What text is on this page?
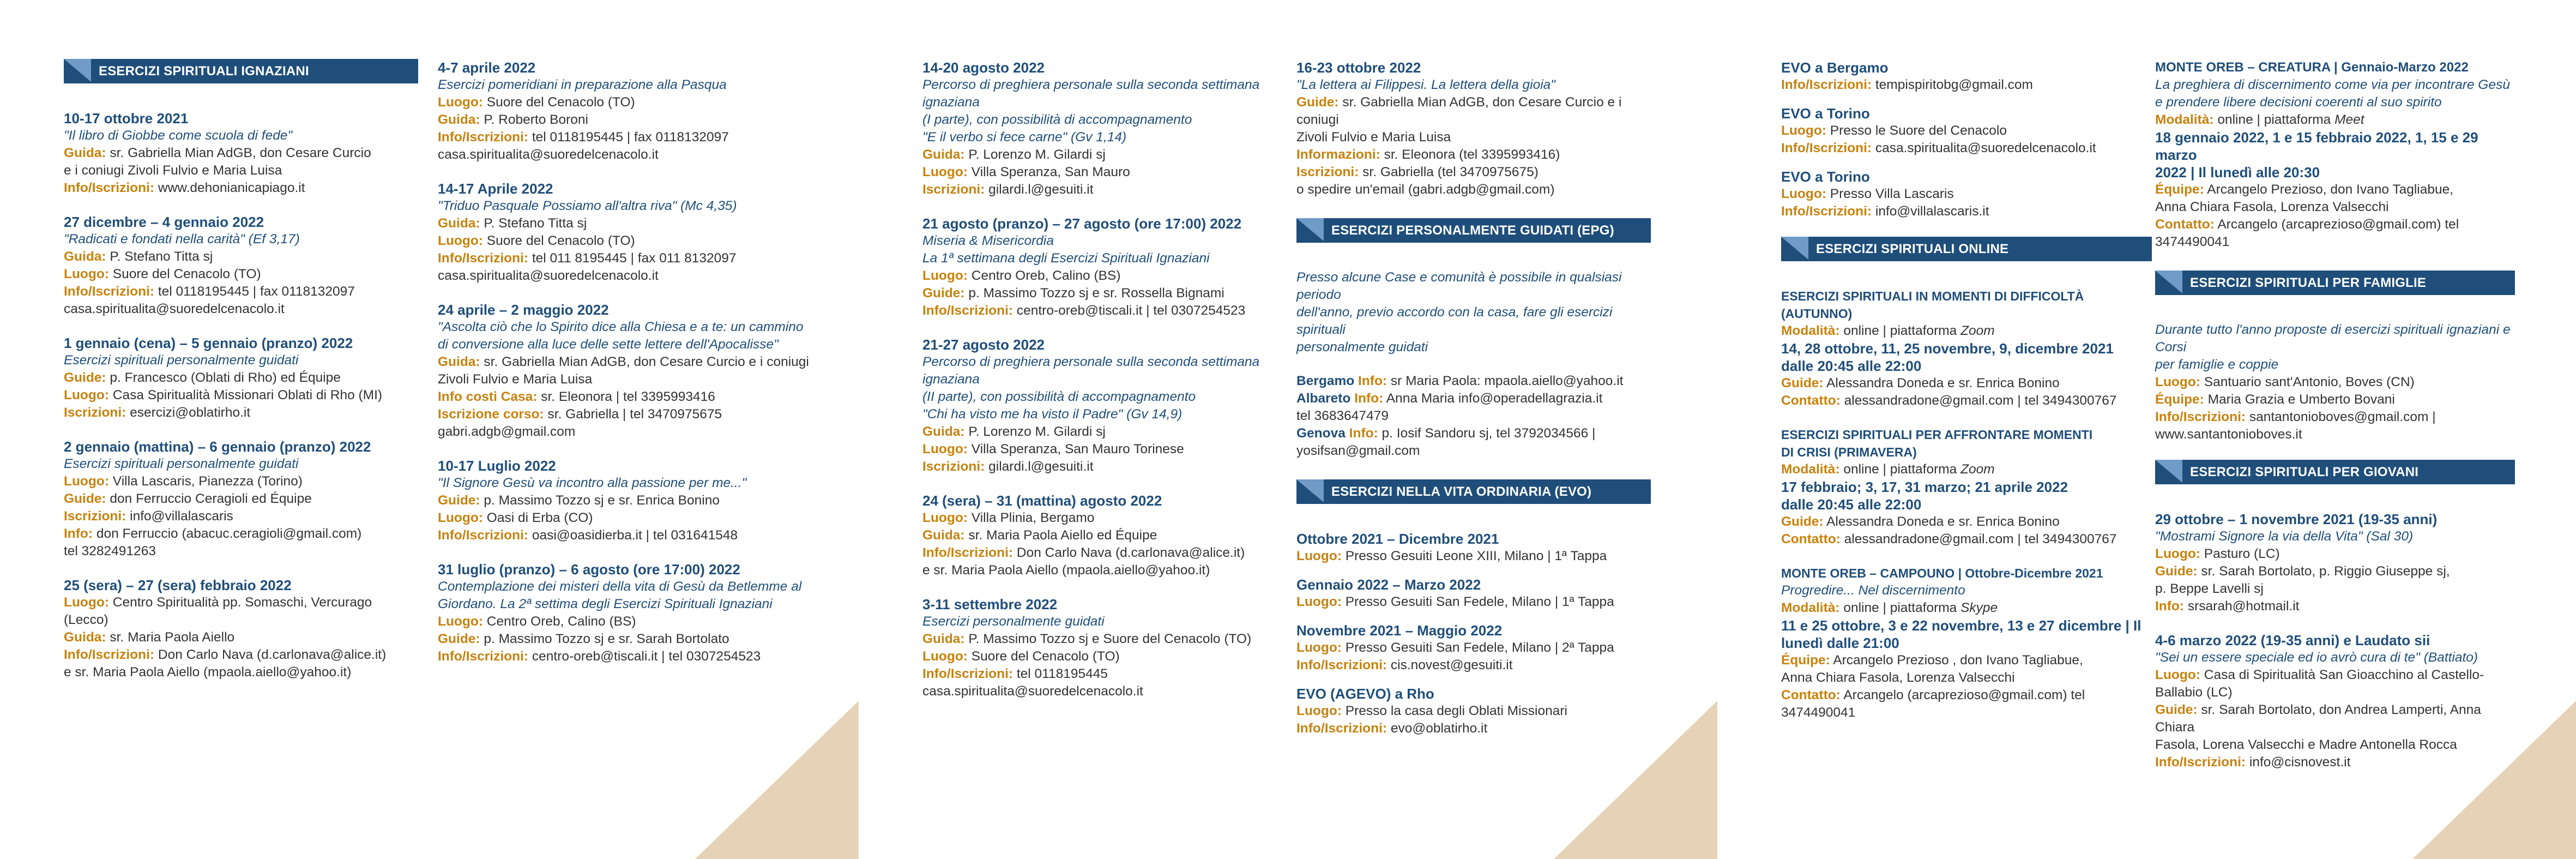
ESERCIZI SPIRITUALI IGNAZIANI
10-17 ottobre 2021
"Il libro di Giobbe come scuola di fede"
Guida: sr. Gabriella Mian AdGB, don Cesare Curcio
e i coniugi Zivoli Fulvio e Maria Luisa
Info/Iscrizioni: www.dehonianicapiago.it
27 dicembre – 4 gennaio 2022
"Radicati e fondati nella carità" (Ef 3,17)
Guida: P. Stefano Titta sj
Luogo: Suore del Cenacolo (TO)
Info/Iscrizioni: tel 0118195445 | fax 0118132097
casa.spiritualita@suoredelcenacolo.it
1 gennaio (cena) – 5 gennaio (pranzo) 2022
Esercizi spirituali personalmente guidati
Guide: p. Francesco (Oblati di Rho) ed Équipe
Luogo: Casa Spiritualità Missionari Oblati di Rho (MI)
Iscrizioni: esercizi@oblatirho.it
2 gennaio (mattina) – 6 gennaio (pranzo) 2022
Esercizi spirituali personalmente guidati
Luogo: Villa Lascaris, Pianezza (Torino)
Guide: don Ferruccio Ceragioli ed Équipe
Iscrizioni: info@villalascaris
Info: don Ferruccio (abacuc.ceragioli@gmail.com)
tel 3282491263
25 (sera) – 27 (sera) febbraio 2022
Luogo: Centro Spiritualità pp. Somaschi, Vercurago (Lecco)
Guida: sr. Maria Paola Aiello
Info/Iscrizioni: Don Carlo Nava (d.carlonava@alice.it)
e sr. Maria Paola Aiello (mpaola.aiello@yahoo.it)
4-7 aprile 2022
Esercizi pomeridiani in preparazione alla Pasqua
Luogo: Suore del Cenacolo (TO)
Guida: P. Roberto Boroni
Info/Iscrizioni: tel 0118195445 | fax 0118132097
casa.spiritualita@suoredelcenacolo.it
14-17 Aprile 2022
"Triduo Pasquale Possiamo all'altra riva" (Mc 4,35)
Guida: P. Stefano Titta sj
Luogo: Suore del Cenacolo (TO)
Info/Iscrizioni: tel 011 8195445 | fax 011 8132097
casa.spiritualita@suoredelcenacolo.it
24 aprile – 2 maggio 2022
"Ascolta ciò che lo Spirito dice alla Chiesa e a te: un cammino
di conversione alla luce delle sette lettere dell'Apocalisse"
Guida: sr. Gabriella Mian AdGB, don Cesare Curcio e i coniugi
Zivoli Fulvio e Maria Luisa
Info costi Casa: sr. Eleonora | tel 3395993416
Iscrizione corso: sr. Gabriella | tel 3470975675
gabri.adgb@gmail.com
10-17 Luglio 2022
"Il Signore Gesù va incontro alla passione per me..."
Guide: p. Massimo Tozzo sj e sr. Enrica Bonino
Luogo: Oasi di Erba (CO)
Info/Iscrizioni: oasi@oasidierba.it | tel 031641548
31 luglio (pranzo) – 6 agosto (ore 17:00) 2022
Contemplazione dei misteri della vita di Gesù da Betlemme al
Giordano. La 2ª settima degli Esercizi Spirituali Ignaziani
Luogo: Centro Oreb, Calino (BS)
Guide: p. Massimo Tozzo sj e sr. Sarah Bortolato
Info/Iscrizioni: centro-oreb@tiscali.it | tel 0307254523
14-20 agosto 2022
Percorso di preghiera personale sulla seconda settimana ignaziana
(I parte), con possibilità di accompagnamento
"E il verbo si fece carne" (Gv 1,14)
Guida: P. Lorenzo M. Gilardi sj
Luogo: Villa Speranza, San Mauro
Iscrizioni: gilardi.l@gesuiti.it
21 agosto (pranzo) – 27 agosto (ore 17:00) 2022
Miseria & Misericordia
La 1ª settimana degli Esercizi Spirituali Ignaziani
Luogo: Centro Oreb, Calino (BS)
Guide: p. Massimo Tozzo sj e sr. Rossella Bignami
Info/Iscrizioni: centro-oreb@tiscali.it | tel 0307254523
21-27 agosto 2022
Percorso di preghiera personale sulla seconda settimana ignaziana
(II parte), con possibilità di accompagnamento
"Chi ha visto me ha visto il Padre" (Gv 14,9)
Guida: P. Lorenzo M. Gilardi sj
Luogo: Villa Speranza, San Mauro Torinese
Iscrizioni: gilardi.l@gesuiti.it
24 (sera) – 31 (mattina) agosto 2022
Luogo: Villa Plinia, Bergamo
Guida: sr. Maria Paola Aiello ed Équipe
Info/Iscrizioni: Don Carlo Nava (d.carlonava@alice.it)
e sr. Maria Paola Aiello (mpaola.aiello@yahoo.it)
3-11 settembre 2022
Esercizi personalmente guidati
Guida: P. Massimo Tozzo sj e Suore del Cenacolo (TO)
Luogo: Suore del Cenacolo (TO)
Info/Iscrizioni: tel 0118195445
casa.spiritualita@suoredelcenacolo.it
16-23 ottobre 2022
"La lettera ai Filippesi. La lettera della gioia"
Guide: sr. Gabriella Mian AdGB, don Cesare Curcio e i coniugi
Zivoli Fulvio e Maria Luisa
Informazioni: sr. Eleonora (tel 3395993416)
Iscrizioni: sr. Gabriella (tel 3470975675)
o spedire un'email (gabri.adgb@gmail.com)
ESERCIZI PERSONALMENTE GUIDATI (EPG)
Presso alcune Case e comunità è possibile in qualsiasi periodo
dell'anno, previo accordo con la casa, fare gli esercizi spirituali
personalmente guidati
Bergamo Info: sr Maria Paola: mpaola.aiello@yahoo.it
Albareto Info: Anna Maria info@operadellagrazia.it
tel 3683647479
Genova Info: p. Iosif Sandoru sj, tel 3792034566 |
yosifsan@gmail.com
ESERCIZI NELLA VITA ORDINARIA (EVO)
Ottobre 2021 – Dicembre 2021
Luogo: Presso Gesuiti Leone XIII, Milano | 1ª Tappa
Gennaio 2022 – Marzo 2022
Luogo: Presso Gesuiti San Fedele, Milano | 1ª Tappa
Novembre 2021 – Maggio 2022
Luogo: Presso Gesuiti San Fedele, Milano | 2ª Tappa
Info/Iscrizioni: cis.novest@gesuiti.it
EVO (AGEVO) a Rho
Luogo: Presso la casa degli Oblati Missionari
Info/Iscrizioni: evo@oblatirho.it
EVO a Bergamo
Info/Iscrizioni: tempispiritobg@gmail.com
EVO a Torino
Luogo: Presso le Suore del Cenacolo
Info/Iscrizioni: casa.spiritualita@suoredelcenacolo.it
EVO a Torino
Luogo: Presso Villa Lascaris
Info/Iscrizioni: info@villalascaris.it
ESERCIZI SPIRITUALI ONLINE
ESERCIZI SPIRITUALI IN MOMENTI DI DIFFICOLTÀ
(AUTUNNO)
Modalità: online | piattaforma Zoom
14, 28 ottobre, 11, 25 novembre, 9, dicembre 2021
dalle 20:45 alle 22:00
Guide: Alessandra Doneda e sr. Enrica Bonino
Contatto: alessandradone@gmail.com | tel 3494300767
ESERCIZI SPIRITUALI PER AFFRONTARE MOMENTI
DI CRISI (PRIMAVERA)
Modalità: online | piattaforma Zoom
17 febbraio; 3, 17, 31 marzo; 21 aprile 2022
dalle 20:45 alle 22:00
Guide: Alessandra Doneda e sr. Enrica Bonino
Contatto: alessandradone@gmail.com | tel 3494300767
MONTE OREB – CAMPOUNO | Ottobre-Dicembre 2021
Progredire... Nel discernimento
Modalità: online | piattaforma Skype
11 e 25 ottobre, 3 e 22 novembre, 13 e 27 dicembre | Il
lunedì dalle 21:00
Équipe: Arcangelo Prezioso , don Ivano Tagliabue,
Anna Chiara Fasola, Lorenza Valsecchi
Contatto: Arcangelo (arcaprezioso@gmail.com) tel 3474490041
MONTE OREB – CREATURA | Gennaio-Marzo 2022
La preghiera di discernimento come via per incontrare Gesù
e prendere libere decisioni coerenti al suo spirito
Modalità: online | piattaforma Meet
18 gennaio 2022, 1 e 15 febbraio 2022, 1, 15 e 29 marzo
2022 | Il lunedì alle 20:30
Équipe: Arcangelo Prezioso, don Ivano Tagliabue,
Anna Chiara Fasola, Lorenza Valsecchi
Contatto: Arcangelo (arcaprezioso@gmail.com) tel 3474490041
ESERCIZI SPIRITUALI PER FAMIGLIE
Durante tutto l'anno proposte di esercizi spirituali ignaziani e Corsi
per famiglie e coppie
Luogo: Santuario sant'Antonio, Boves (CN)
Équipe: Maria Grazia e Umberto Bovani
Info/Iscrizioni: santantonioboves@gmail.com |
www.santantonioboves.it
ESERCIZI SPIRITUALI PER GIOVANI
29 ottobre – 1 novembre 2021 (19-35 anni)
"Mostrami Signore la via della Vita" (Sal 30)
Luogo: Pasturo (LC)
Guide: sr. Sarah Bortolato, p. Riggio Giuseppe sj,
p. Beppe Lavelli sj
Info: srsarah@hotmail.it
4-6 marzo 2022 (19-35 anni) e Laudato sii
"Sei un essere speciale ed io avrò cura di te" (Battiato)
Luogo: Casa di Spiritualità San Gioacchino al Castello-Ballabio (LC)
Guide: sr. Sarah Bortolato, don Andrea Lamperti, Anna Chiara
Fasola, Lorena Valsecchi e Madre Antonella Rocca
Info/Iscrizioni: info@cisnovest.it
